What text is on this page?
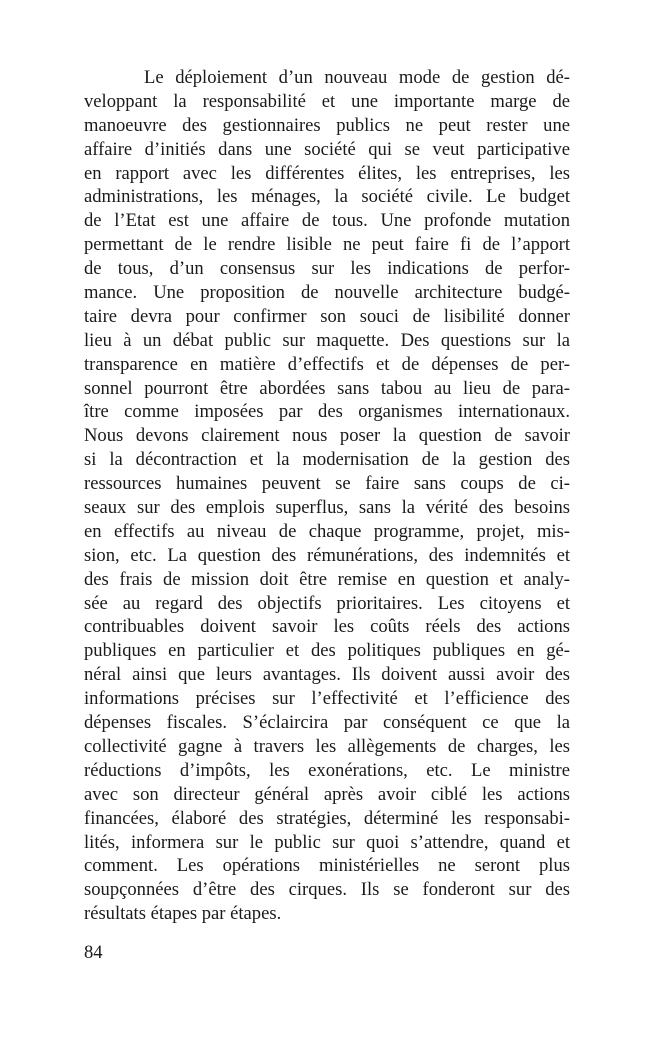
Le déploiement d’un nouveau mode de gestion dé-
veloppant la responsabilité et une importante marge de
manoeuvre des gestionnaires publics ne peut rester une
affaire d’initiés dans une société qui se veut participative
en rapport avec les différentes élites, les entreprises, les
administrations, les ménages, la société civile. Le budget
de l’Etat est une affaire de tous. Une profonde mutation
permettant de le rendre lisible ne peut faire fi de l’apport
de tous, d’un consensus sur les indications de perfor-
mance. Une proposition de nouvelle architecture budgé-
taire devra pour confirmer son souci de lisibilité donner
lieu à un débat public sur maquette. Des questions sur la
transparence en matière d’effectifs et de dépenses de per-
sonnel pourront être abordées sans tabou au lieu de para-
ître comme imposées par des organismes internationaux.
Nous devons clairement nous poser la question de savoir
si la décontraction et la modernisation de la gestion des
ressources humaines peuvent se faire sans coups de ci-
seaux sur des emplois superflus, sans la vérité des besoins
en effectifs au niveau de chaque programme, projet, mis-
sion, etc. La question des rémunérations, des indemnités et
des frais de mission doit être remise en question et analy-
sée au regard des objectifs prioritaires. Les citoyens et
contribuables doivent savoir les coûts réels des actions
publiques en particulier et des politiques publiques en gé-
néral ainsi que leurs avantages. Ils doivent aussi avoir des
informations précises sur l’effectivité et l’efficience des
dépenses fiscales. S’éclaircira par conséquent ce que la
collectivité gagne à travers les allègements de charges, les
réductions d’impôts, les exonérations, etc. Le ministre
avec son directeur général après avoir ciblé les actions
financées, élaboré des stratégies, déterminé les responsabi-
lités, informera sur le public sur quoi s’attendre, quand et
comment. Les opérations ministérielles ne seront plus
soupçonnées d’être des cirques. Ils se fonderont sur des
résultats étapes par étapes.
84
